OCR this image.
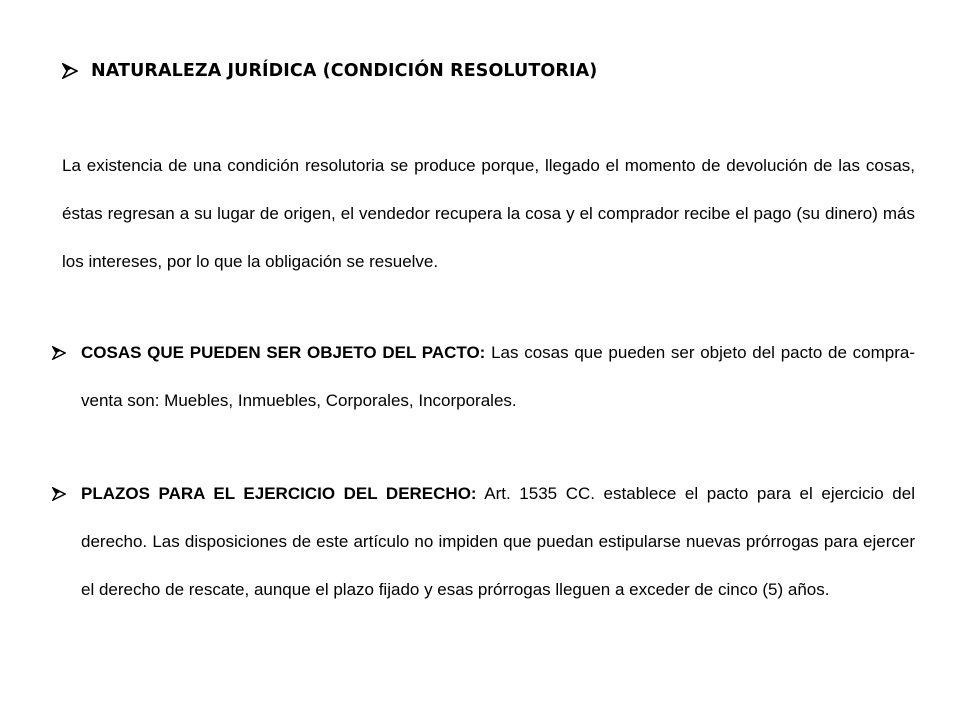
NATURALEZA JURÍDICA (CONDICIÓN RESOLUTORIA)

La existencia de una condición resolutoria se produce porque, llegado el momento de devolución de las cosas, éstas regresan a su lugar de origen, el vendedor recupera la cosa y el comprador recibe el pago (su dinero) más los intereses, por lo que la obligación se resuelve.

COSAS QUE PUEDEN SER OBJETO DEL PACTO: Las cosas que pueden ser objeto del pacto de compra-venta son: Muebles, Inmuebles, Corporales, Incorporales.
PLAZOS PARA EL EJERCICIO DEL DERECHO: Art. 1535 CC. establece el pacto para el ejercicio del derecho. Las disposiciones de este artículo no impiden que puedan estipularse nuevas prórrogas para ejercer el derecho de rescate, aunque el plazo fijado y esas prórrogas lleguen a exceder de cinco (5) años.
